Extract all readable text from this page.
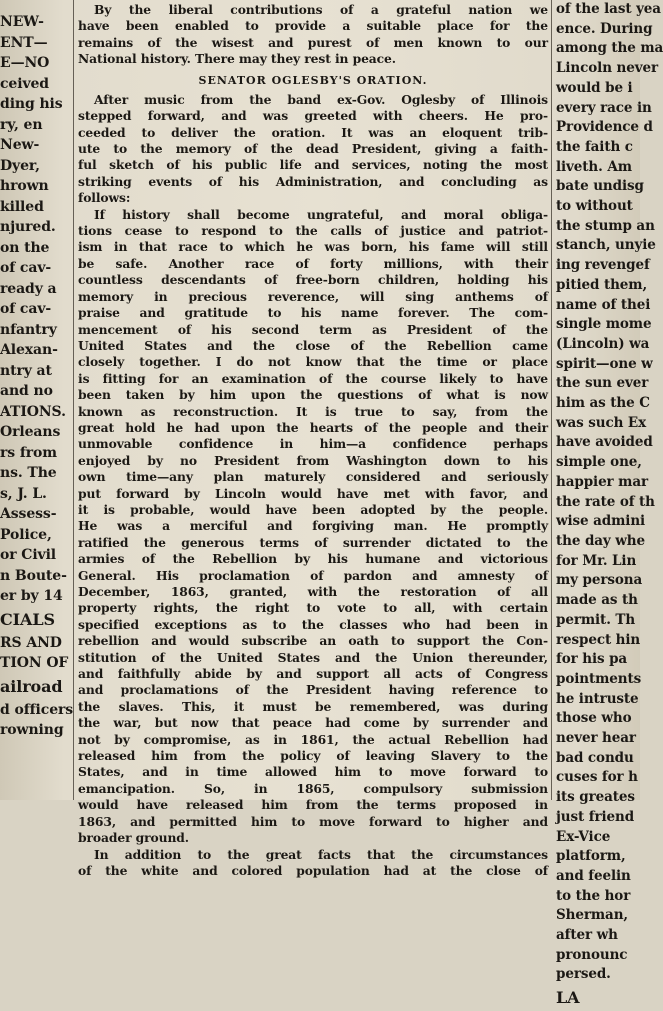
NEW-
ENT—
E—NO
ceived
ding his
ry, en
New-
Dyer,
hrown
killed
njured.
on the
of cav-
ready a
of cav-
nfantry
Alexan-
ntry at
and no
ATIONS.
Orleans
rs from
ns. The
s, J. L.
Assess-
Police,
or Civil
n Boute-
er by 14
CIALS
RS AND
TION OF
ailroad
d officers
rowning
By the liberal contributions of a grateful nation we
have been enabled to provide a suitable place for the
remains of the wisest and purest of men known to our
National history. There may they rest in peace.
SENATOR OGLESBY'S ORATION.
After music from the band ex-Gov. Oglesby of Illinois
stepped forward, and was greeted with cheers. He pro-
ceeded to deliver the oration. It was an eloquent trib-
ute to the memory of the dead President, giving a faith-
ful sketch of his public life and services, noting the most
striking events of his Administration, and concluding as
follows:
If history shall become ungrateful, and moral obliga-
tions cease to respond to the calls of justice and patriot-
ism in that race to which he was born, his fame will still
be safe. Another race of forty millions, with their
countless descendants of free-born children, holding his
memory in precious reverence, will sing anthems of
praise and gratitude to his name forever. The com-
mencement of his second term as President of the
United States and the close of the Rebellion came
closely together. I do not know that the time or place
is fitting for an examination of the course likely to have
been taken by him upon the questions of what is now
known as reconstruction. It is true to say, from the
great hold he had upon the hearts of the people and their
unmovable confidence in him—a confidence perhaps
enjoyed by no President from Washington down to his
own time—any plan maturely considered and seriously
put forward by Lincoln would have met with favor, and
it is probable, would have been adopted by the people.
He was a merciful and forgiving man. He promptly
ratified the generous terms of surrender dictated to the
armies of the Rebellion by his humane and victorious
General. His proclamation of pardon and amnesty of
December, 1863, granted, with the restoration of all
property rights, the right to vote to all, with certain
specified exceptions as to the classes who had been in
rebellion and would subscribe an oath to support the Con-
stitution of the United States and the Union thereunder,
and faithfully abide by and support all acts of Congress
and proclamations of the President having reference to
the slaves. This, it must be remembered, was during
the war, but now that peace had come by surrender and
not by compromise, as in 1861, the actual Rebellion had
released him from the policy of leaving Slavery to the
States, and in time allowed him to move forward to
emancipation. So, in 1865, compulsory submission
would have released him from the terms proposed in
1863, and permitted him to move forward to higher and
broader ground.
In addition to the great facts that the circumstances
of the white and colored population had at the close of
of the last yea
ence. During
among the ma
Lincoln never
would be i
every race in
Providence d
the faith c
liveth. Am
bate undisg
to without
the stump an
stanch, unyie
ing revengef
pitied them,
name of thei
single mome
(Lincoln) wa
spirit—one w
the sun ever
him as the C
was such Ex
have avoided
simple one,
happier mar
the rate of th
wise admini
the day whe
for Mr. Lin
my persona
made as th
permit. Th
respect hin
for his pa
pointments
he intruste
those who
never hear
bad condu
cuses for h
its greates
just friend
Ex-Vice
platform,
and feelin
to the hor
Sherman,
after wh
pronounc
persed.
LA
